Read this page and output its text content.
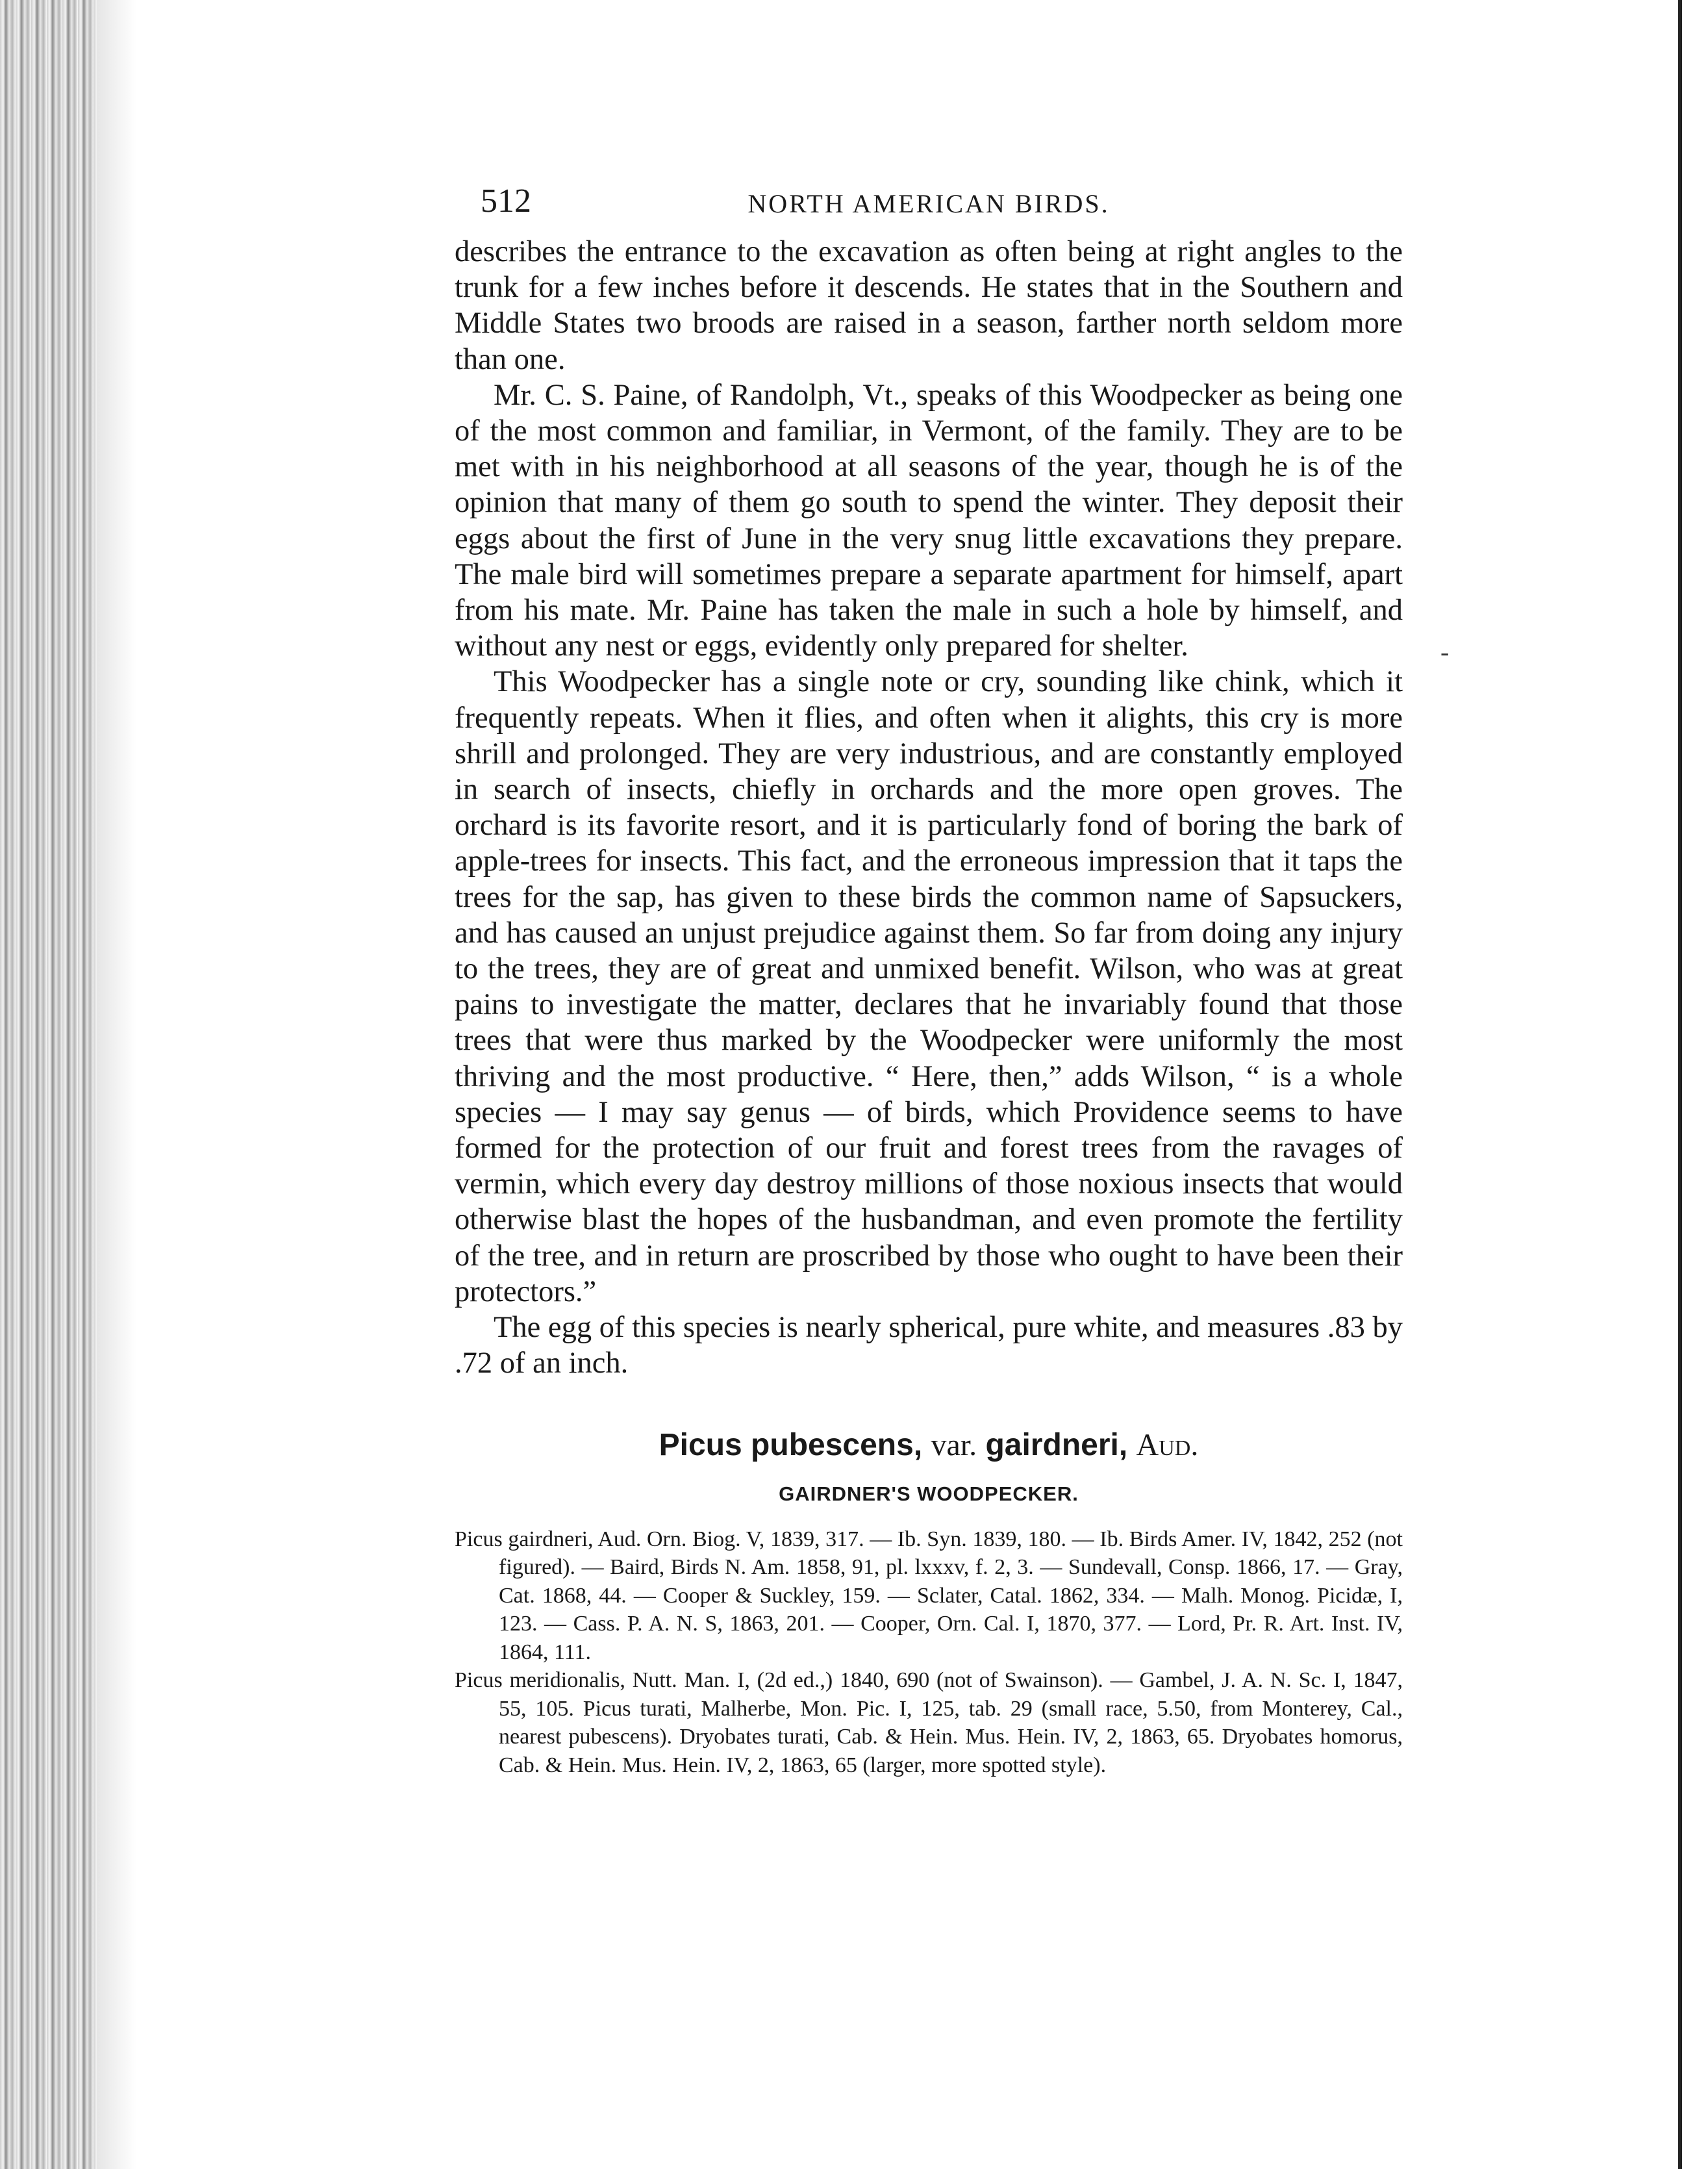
-
512	NORTH AMERICAN BIRDS.

describes the entrance to the excavation as often being at right angles to the trunk for a few inches before it descends. He states that in the Southern and Middle States two broods are raised in a season, farther north seldom more than one.

Mr. C. S. Paine, of Randolph, Vt., speaks of this Woodpecker as being one of the most common and familiar, in Vermont, of the family. They are to be met with in his neighborhood at all seasons of the year, though he is of the opinion that many of them go south to spend the winter. They deposit their eggs about the first of June in the very snug little excavations they prepare. The male bird will sometimes prepare a separate apartment for himself, apart from his mate. Mr. Paine has taken the male in such a hole by himself, and without any nest or eggs, evidently only prepared for shelter.

This Woodpecker has a single note or cry, sounding like chink, which it frequently repeats. When it flies, and often when it alights, this cry is more shrill and prolonged. They are very industrious, and are constantly employed in search of insects, chiefly in orchards and the more open groves. The orchard is its favorite resort, and it is particularly fond of boring the bark of apple-trees for insects. This fact, and the erroneous impression that it taps the trees for the sap, has given to these birds the common name of Sapsuckers, and has caused an unjust prejudice against them. So far from doing any injury to the trees, they are of great and unmixed benefit. Wilson, who was at great pains to investigate the matter, declares that he invariably found that those trees that were thus marked by the Woodpecker were uniformly the most thriving and the most productive. “ Here, then,” adds Wilson, “ is a whole species — I may say genus — of birds, which Providence seems to have formed for the protection of our fruit and forest trees from the ravages of vermin, which every day destroy millions of those noxious insects that would otherwise blast the hopes of the husbandman, and even promote the fertility of the tree, and in return are proscribed by those who ought to have been their protectors.”

The egg of this species is nearly spherical, pure white, and measures .83 by .72 of an inch.

Picus pubescens, var. gairdneri, Aud.
GAIRDNER'S WOODPECKER.

Picus gairdneri, Aud. Orn. Biog. V, 1839, 317. — Ib. Syn. 1839, 180. — Ib. Birds Amer. IV, 1842, 252 (not figured). — Baird, Birds N. Am. 1858, 91, pl. lxxxv, f. 2, 3. — Sundevall, Consp. 1866, 17. — Gray, Cat. 1868, 44. — Cooper & Suckley, 159. — Sclater, Catal. 1862, 334. — Malh. Monog. Picidæ, I, 123. — Cass. P. A. N. S, 1863, 201. — Cooper, Orn. Cal. I, 1870, 377. — Lord, Pr. R. Art. Inst. IV, 1864, 111.

Picus meridionalis, Nutt. Man. I, (2d ed.,) 1840, 690 (not of Swainson). — Gambel, J. A. N. Sc. I, 1847, 55, 105. Picus turati, Malherbe, Mon. Pic. I, 125, tab. 29 (small race, 5.50, from Monterey, Cal., nearest pubescens). Dryobates turati, Cab. & Hein. Mus. Hein. IV, 2, 1863, 65. Dryobates homorus, Cab. & Hein. Mus. Hein. IV, 2, 1863, 65 (larger, more spotted style).
